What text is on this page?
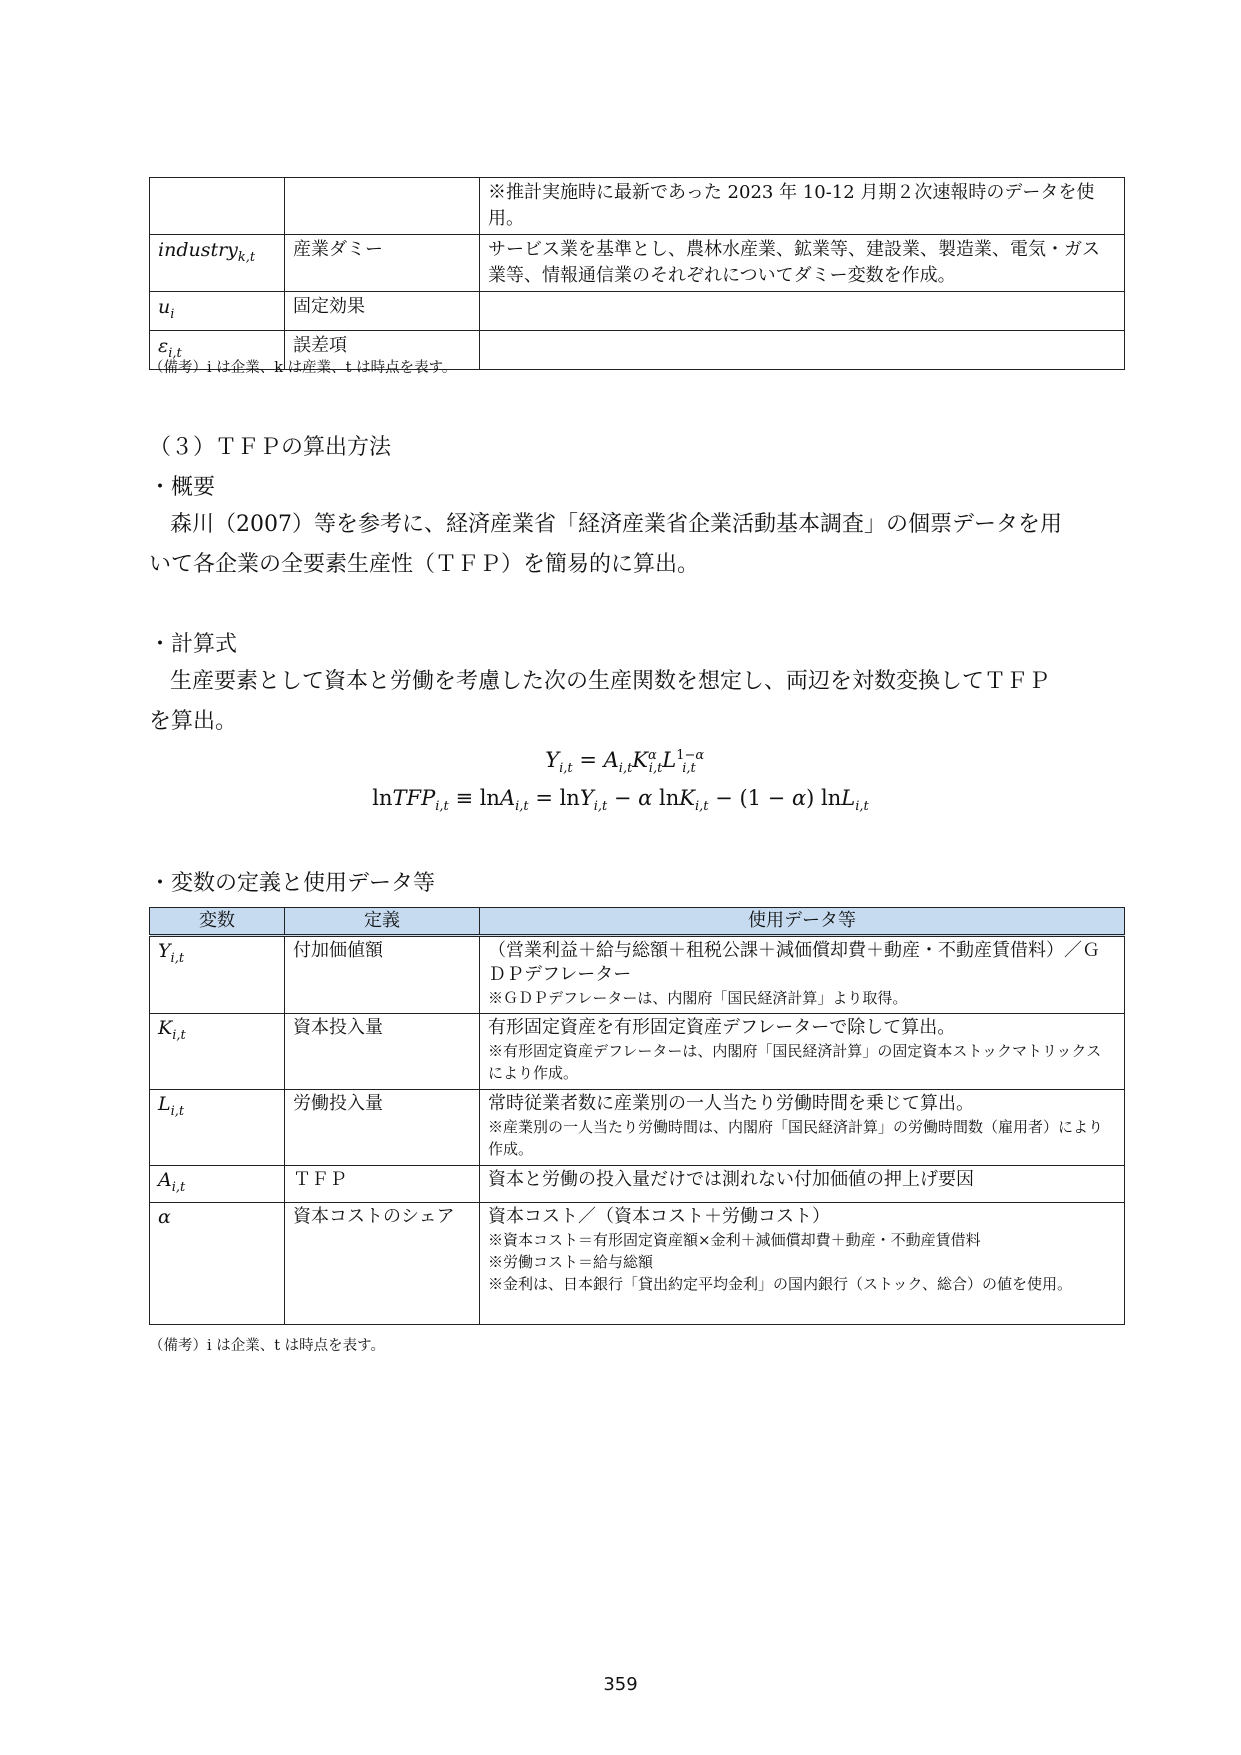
		※推計実施時に最新であった 2023 年 10-12 月期２次速報時のデータを使用。
industry$_{k,t}$	産業ダミー	サービス業を基準とし、農林水産業、鉱業等、建設業、製造業、電気・ガス業等、情報通信業のそれぞれについてダミー変数を作成。
$u_i$	固定効果	
$\varepsilon_{i,t}$	誤差項	
（備考）i は企業、k は産業、t は時点を表す。
（３）ＴＦＰの算出方法
・概要
森川（2007）等を参考に、経済産業省「経済産業省企業活動基本調査」の個票データを用
いて各企業の全要素生産性（ＴＦＰ）を簡易的に算出。
・計算式
生産要素として資本と労働を考慮した次の生産関数を想定し、両辺を対数変換してＴＦＰ
を算出。
$Y_{i,t} = A_{i,t}K^\alpha_{i,t}L^{1-\alpha}_{i,t}$
lnTFP$_{i,t}$ ≡ lnA$_{i,t}$ = lnY$_{i,t}$ − α lnK$_{i,t}$ − (1 − α) lnL$_{i,t}$
・変数の定義と使用データ等
変数	定義	使用データ等
$Y_{i,t}$	付加価値額	（営業利益＋給与総額＋租税公課＋減価償却費＋動産・不動産賃借料）／ＧＤＰデフレーター
※ＧＤＰデフレーターは、内閣府「国民経済計算」より取得。

$K_{i,t}$	資本投入量	有形固定資産を有形固定資産デフレーターで除して算出。
※有形固定資産デフレーターは、内閣府「国民経済計算」の固定資本ストックマトリックスにより作成。

$L_{i,t}$	労働投入量	常時従業者数に産業別の一人当たり労働時間を乗じて算出。
※産業別の一人当たり労働時間は、内閣府「国民経済計算」の労働時間数（雇用者）により作成。

$A_{i,t}$	ＴＦＰ	資本と労働の投入量だけでは測れない付加価値の押上げ要因
α	資本コストのシェア	資本コスト／（資本コスト＋労働コスト）
※資本コスト＝有形固定資産額×金利＋減価償却費＋動産・不動産賃借料
※労働コスト＝給与総額
※金利は、日本銀行「貸出約定平均金利」の国内銀行（ストック、総合）の値を使用。
（備考）i は企業、t は時点を表す。
359
